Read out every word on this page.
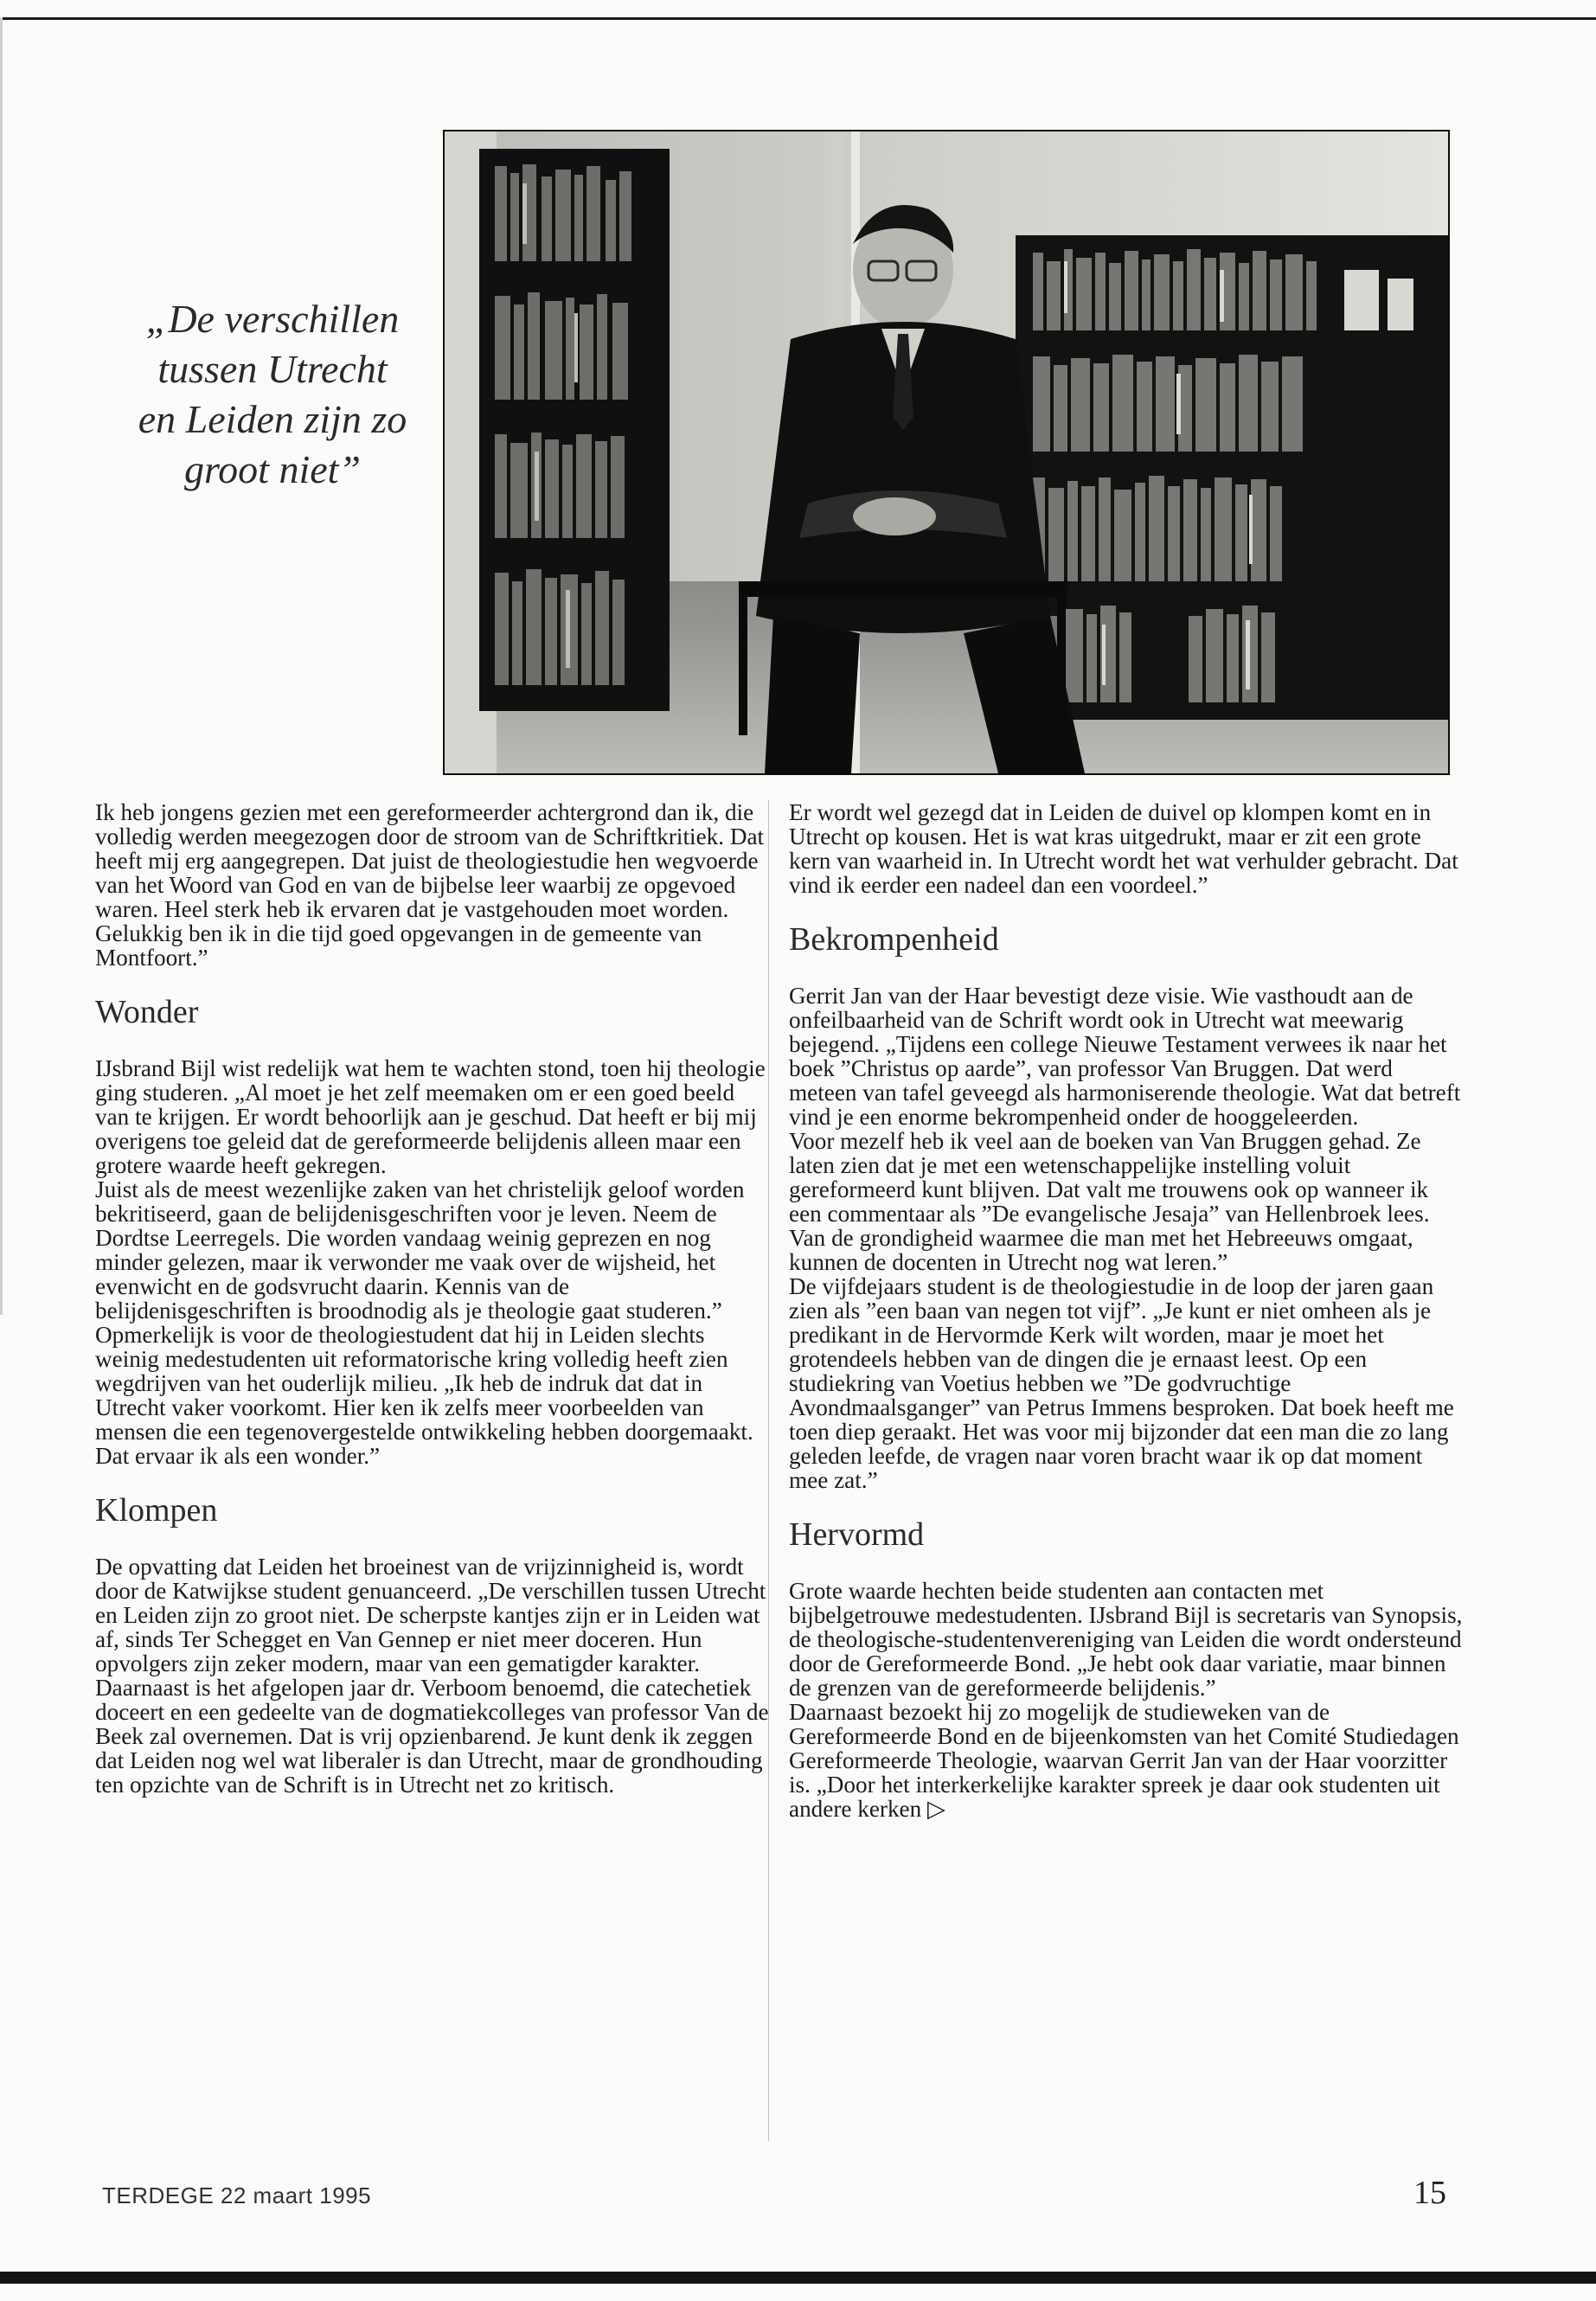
„De verschillen
tussen Utrecht
en Leiden zijn zo
groot niet”

Ik heb jongens gezien met een gereformeerder achtergrond dan ik, die volledig werden meegezogen door de stroom van de Schriftkritiek. Dat heeft mij erg aangegrepen. Dat juist de theologiestudie hen wegvoerde van het Woord van God en van de bijbelse leer waarbij ze opgevoed waren. Heel sterk heb ik ervaren dat je vastgehouden moet worden. Gelukkig ben ik in die tijd goed opgevangen in de gemeente van Montfoort.”

Wonder

IJsbrand Bijl wist redelijk wat hem te wachten stond, toen hij theologie ging studeren. „Al moet je het zelf meemaken om er een goed beeld van te krijgen. Er wordt behoorlijk aan je geschud. Dat heeft er bij mij overigens toe geleid dat de gereformeerde belijdenis alleen maar een grotere waarde heeft gekregen.

Juist als de meest wezenlijke zaken van het christelijk geloof worden bekritiseerd, gaan de belijdenisgeschriften voor je leven. Neem de Dordtse Leerregels. Die worden vandaag weinig geprezen en nog minder gelezen, maar ik verwonder me vaak over de wijsheid, het evenwicht en de godsvrucht daarin. Kennis van de belijdenisgeschriften is broodnodig als je theologie gaat studeren.”

Opmerkelijk is voor de theologiestudent dat hij in Leiden slechts weinig medestudenten uit reformatorische kring volledig heeft zien wegdrijven van het ouderlijk milieu. „Ik heb de indruk dat dat in Utrecht vaker voorkomt. Hier ken ik zelfs meer voorbeelden van mensen die een tegenovergestelde ontwikkeling hebben doorgemaakt. Dat ervaar ik als een wonder.”

Klompen

De opvatting dat Leiden het broeinest van de vrijzinnigheid is, wordt door de Katwijkse student genuanceerd. „De verschillen tussen Utrecht en Leiden zijn zo groot niet. De scherpste kantjes zijn er in Leiden wat af, sinds Ter Schegget en Van Gennep er niet meer doceren. Hun opvolgers zijn zeker modern, maar van een gematigder karakter.

Daarnaast is het afgelopen jaar dr. Verboom benoemd, die catechetiek doceert en een gedeelte van de dogmatiekcolleges van professor Van de Beek zal overnemen. Dat is vrij opzienbarend. Je kunt denk ik zeggen dat Leiden nog wel wat liberaler is dan Utrecht, maar de grondhouding ten opzichte van de Schrift is in Utrecht net zo kritisch.

Er wordt wel gezegd dat in Leiden de duivel op klompen komt en in Utrecht op kousen. Het is wat kras uitgedrukt, maar er zit een grote kern van waarheid in. In Utrecht wordt het wat verhulder gebracht. Dat vind ik eerder een nadeel dan een voordeel.”

Bekrompenheid

Gerrit Jan van der Haar bevestigt deze visie. Wie vasthoudt aan de onfeilbaarheid van de Schrift wordt ook in Utrecht wat meewarig bejegend. „Tijdens een college Nieuwe Testament verwees ik naar het boek ”Christus op aarde”, van professor Van Bruggen. Dat werd meteen van tafel geveegd als harmoniserende theologie. Wat dat betreft vind je een enorme bekrompenheid onder de hooggeleerden.

Voor mezelf heb ik veel aan de boeken van Van Bruggen gehad. Ze laten zien dat je met een wetenschappelijke instelling voluit gereformeerd kunt blijven. Dat valt me trouwens ook op wanneer ik een commentaar als ”De evangelische Jesaja” van Hellenbroek lees. Van de grondigheid waarmee die man met het Hebreeuws omgaat, kunnen de docenten in Utrecht nog wat leren.”

De vijfdejaars student is de theologiestudie in de loop der jaren gaan zien als ”een baan van negen tot vijf”. „Je kunt er niet omheen als je predikant in de Hervormde Kerk wilt worden, maar je moet het grotendeels hebben van de dingen die je ernaast leest. Op een studiekring van Voetius hebben we ”De godvruchtige Avondmaalsganger” van Petrus Immens besproken. Dat boek heeft me toen diep geraakt. Het was voor mij bijzonder dat een man die zo lang geleden leefde, de vragen naar voren bracht waar ik op dat moment mee zat.”

Hervormd

Grote waarde hechten beide studenten aan contacten met bijbelgetrouwe medestudenten. IJsbrand Bijl is secretaris van Synopsis, de theologische-studentenvereniging van Leiden die wordt ondersteund door de Gereformeerde Bond. „Je hebt ook daar variatie, maar binnen de grenzen van de gereformeerde belijdenis.”

Daarnaast bezoekt hij zo mogelijk de studieweken van de Gereformeerde Bond en de bijeenkomsten van het Comité Studiedagen Gereformeerde Theologie, waarvan Gerrit Jan van der Haar voorzitter is. „Door het interkerkelijke karakter spreek je daar ook studenten uit andere kerken ▷

TERDEGE 22 maart 1995	15
